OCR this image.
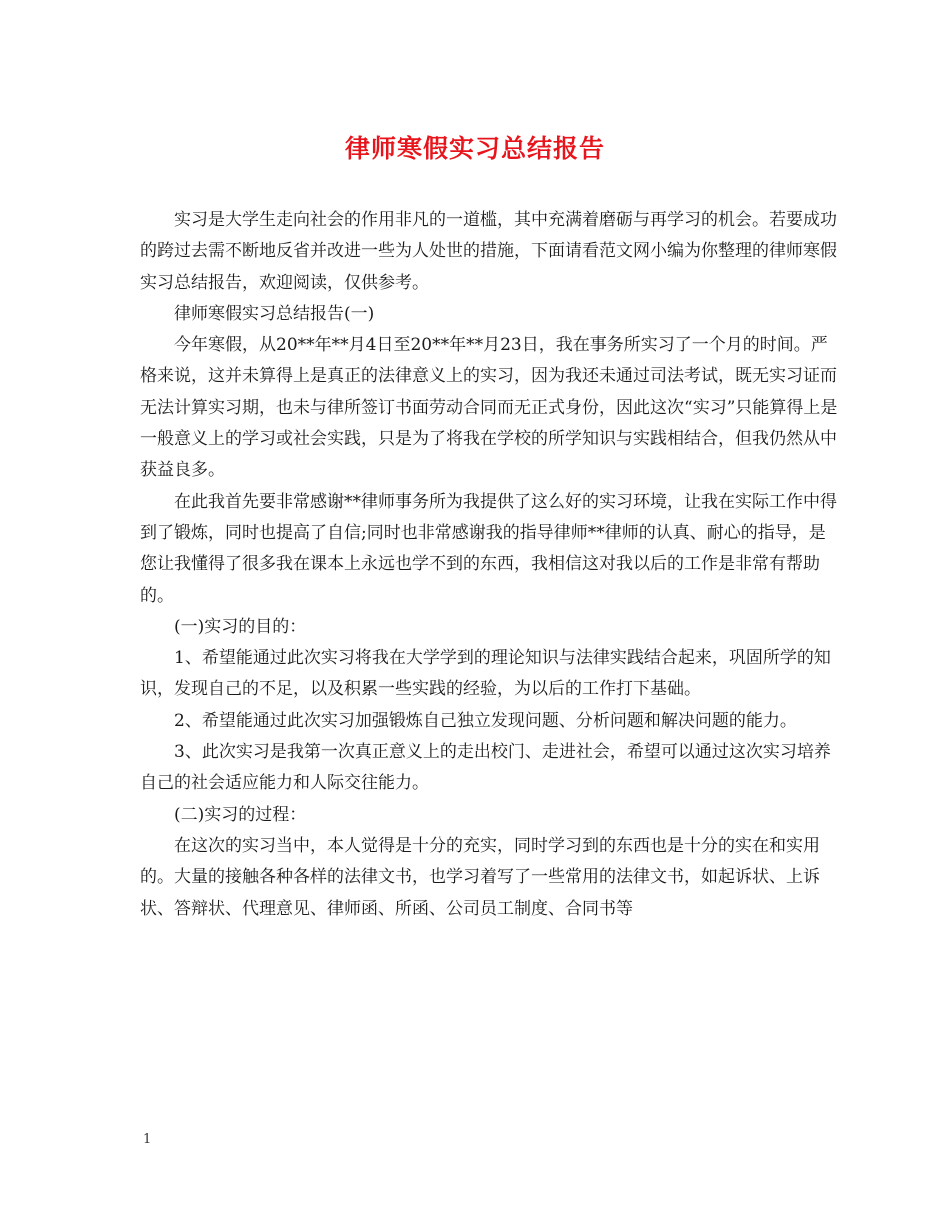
律师寒假实习总结报告

实习是大学生走向社会的作用非凡的一道槛，其中充满着磨砺与再学习的机会。若要成功的跨过去需不断地反省并改进一些为人处世的措施，下面请看范文网小编为你整理的律师寒假实习总结报告，欢迎阅读，仅供参考。

律师寒假实习总结报告(一)

今年寒假，从20**年**月4日至20**年**月23日，我在事务所实习了一个月的时间。严格来说，这并未算得上是真正的法律意义上的实习，因为我还未通过司法考试，既无实习证而无法计算实习期，也未与律所签订书面劳动合同而无正式身份，因此这次“实习”只能算得上是一般意义上的学习或社会实践，只是为了将我在学校的所学知识与实践相结合，但我仍然从中获益良多。

在此我首先要非常感谢**律师事务所为我提供了这么好的实习环境，让我在实际工作中得到了锻炼，同时也提高了自信;同时也非常感谢我的指导律师**律师的认真、耐心的指导，是您让我懂得了很多我在课本上永远也学不到的东西，我相信这对我以后的工作是非常有帮助的。

(一)实习的目的：

1、希望能通过此次实习将我在大学学到的理论知识与法律实践结合起来，巩固所学的知识，发现自己的不足，以及积累一些实践的经验，为以后的工作打下基础。

2、希望能通过此次实习加强锻炼自己独立发现问题、分析问题和解决问题的能力。

3、此次实习是我第一次真正意义上的走出校门、走进社会，希望可以通过这次实习培养自己的社会适应能力和人际交往能力。

(二)实习的过程：

在这次的实习当中，本人觉得是十分的充实，同时学习到的东西也是十分的实在和实用的。大量的接触各种各样的法律文书，也学习着写了一些常用的法律文书，如起诉状、上诉状、答辩状、代理意见、律师函、所函、公司员工制度、合同书等

1
